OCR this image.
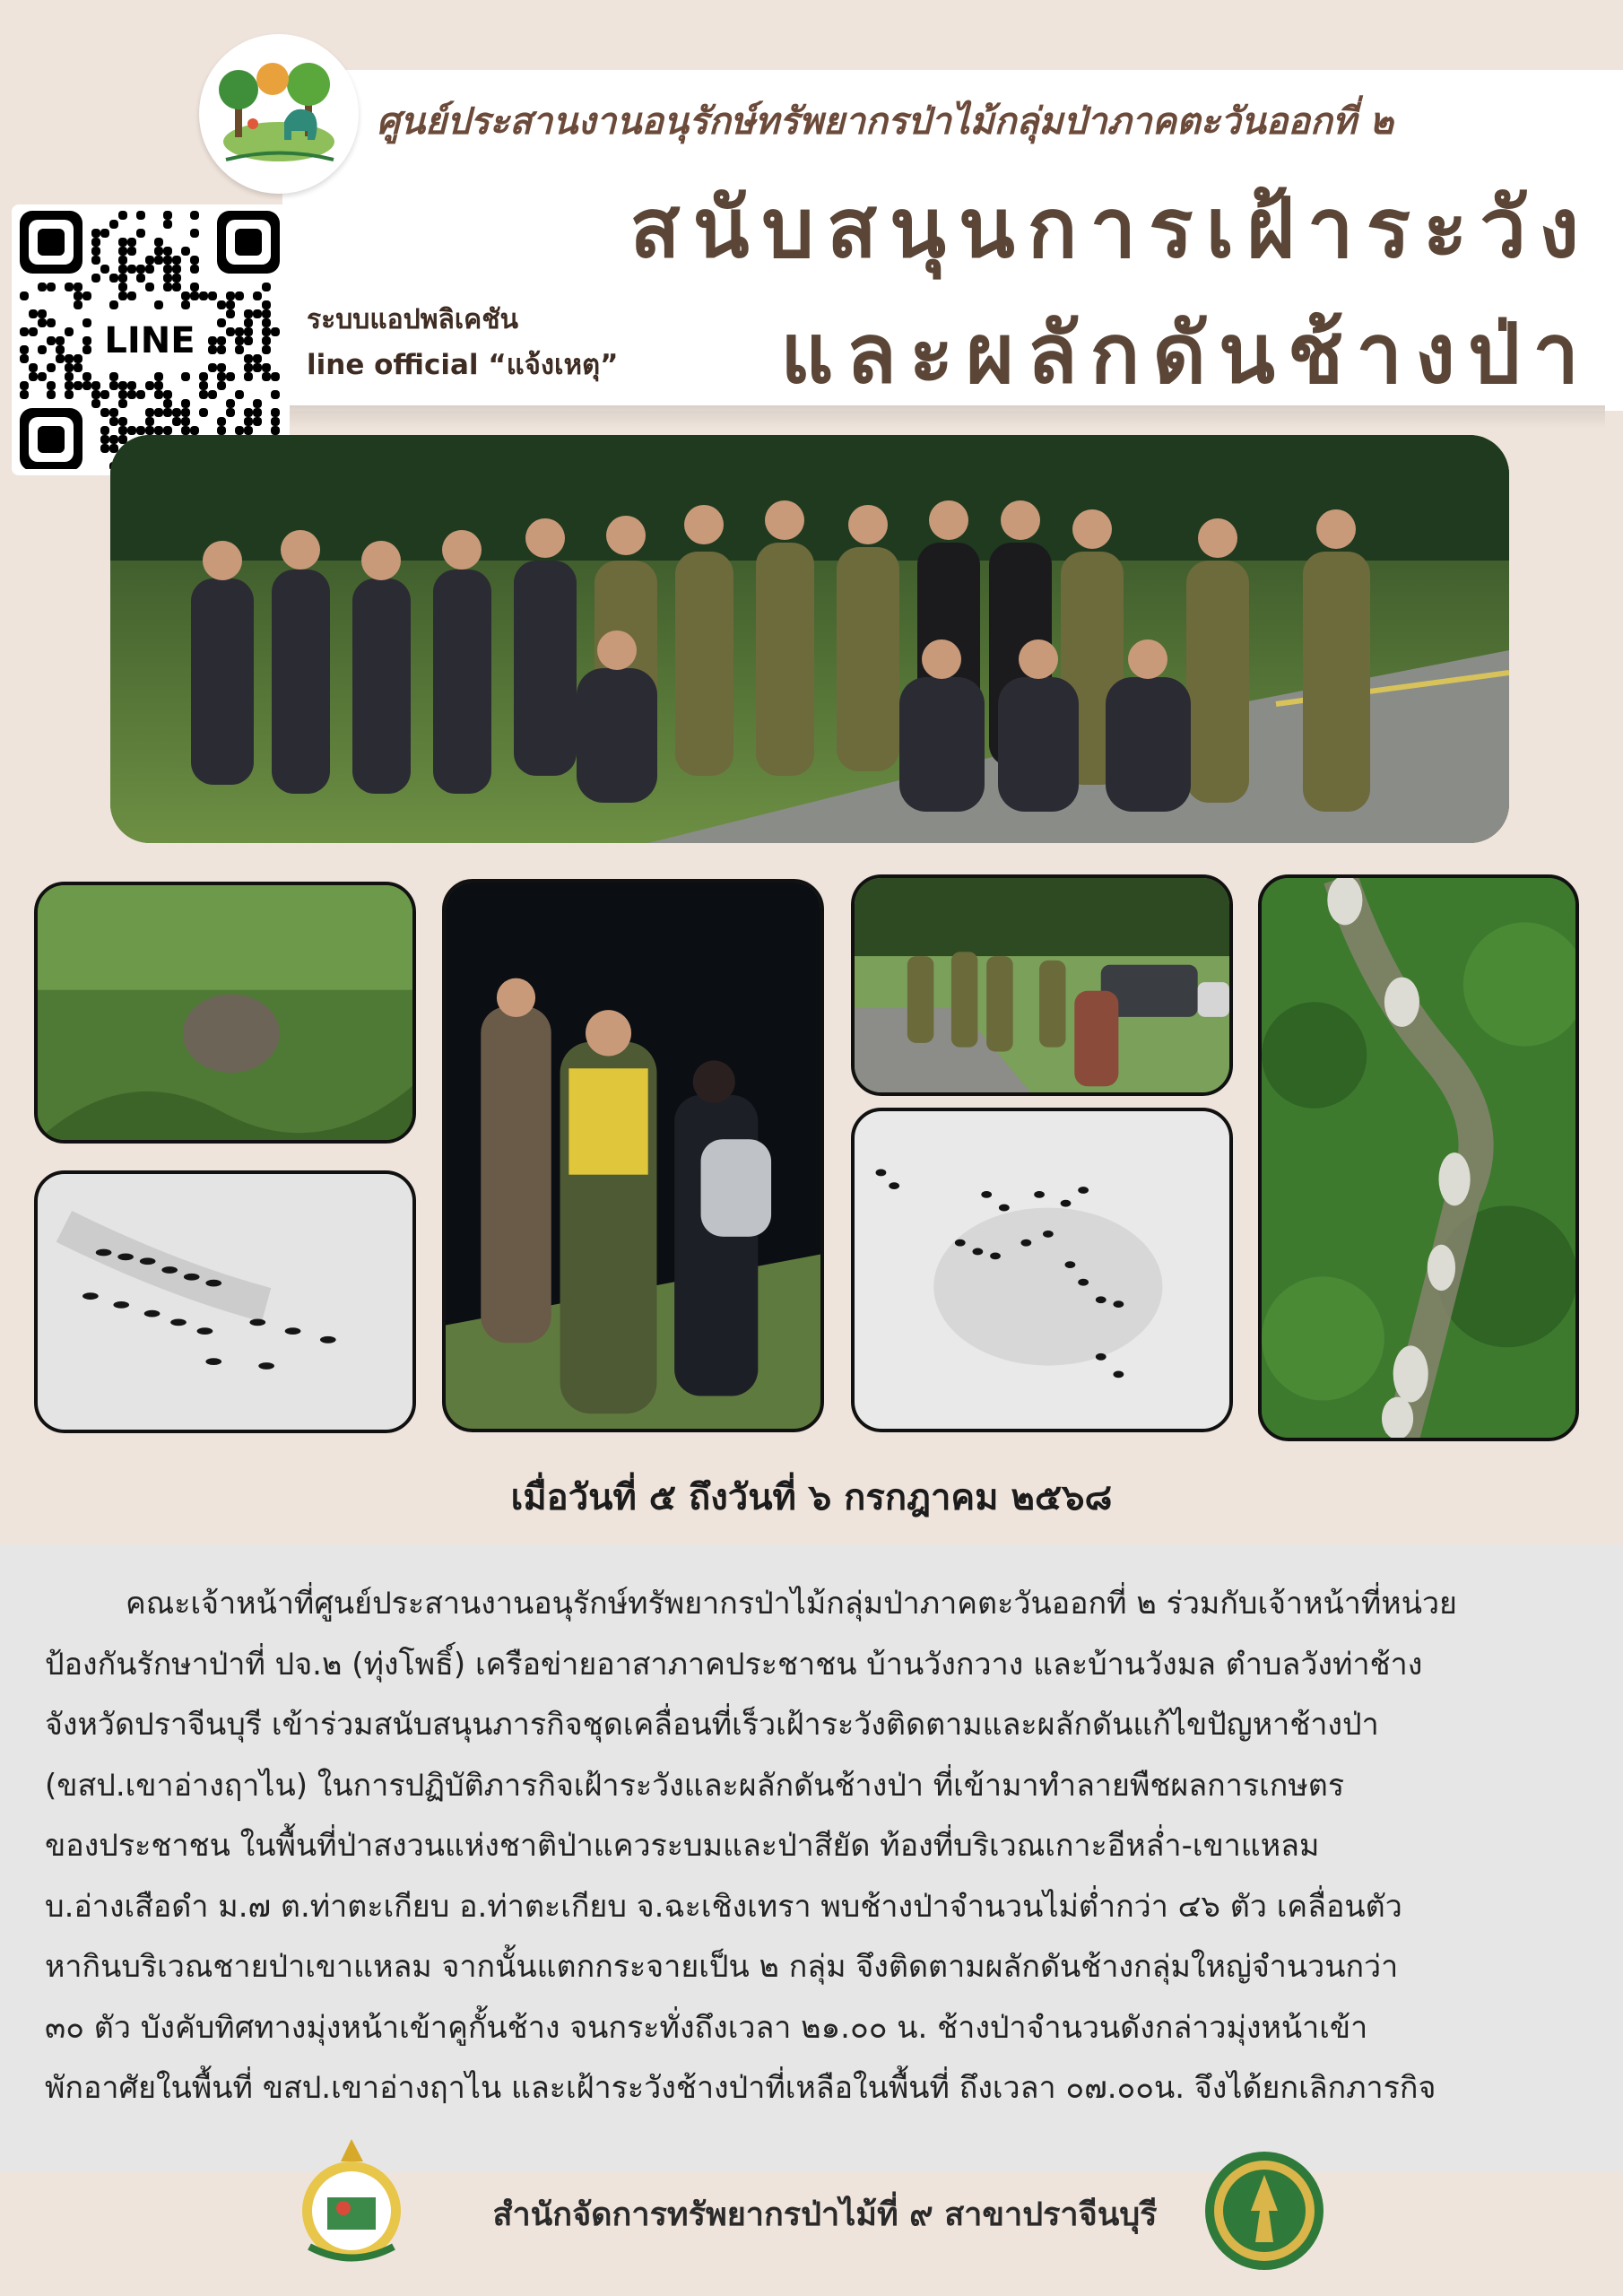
ศูนย์ประสานงานอนุรักษ์ทรัพยากรป่าไม้กลุ่มป่าภาคตะวันออกที่ ๒
สนับสนุนการเฝ้าระวัง
และผลักดันช้างป่า
ระบบแอปพลิเคชัน
line official “แจ้งเหตุ”
LINE
เมื่อวันที่ ๕ ถึงวันที่ ๖ กรกฎาคม ๒๕๖๘
คณะเจ้าหน้าที่ศูนย์ประสานงานอนุรักษ์ทรัพยากรป่าไม้กลุ่มป่าภาคตะวันออกที่ ๒ ร่วมกับเจ้าหน้าที่หน่วย
ป้องกันรักษาป่าที่ ปจ.๒ (ทุ่งโพธิ์) เครือข่ายอาสาภาคประชาชน บ้านวังกวาง และบ้านวังมล ตำบลวังท่าช้าง
จังหวัดปราจีนบุรี เข้าร่วมสนับสนุนภารกิจชุดเคลื่อนที่เร็วเฝ้าระวังติดตามและผลักดันแก้ไขปัญหาช้างป่า
(ขสป.เขาอ่างฤาไน) ในการปฏิบัติภารกิจเฝ้าระวังและผลักดันช้างป่า ที่เข้ามาทำลายพืชผลการเกษตร
ของประชาชน ในพื้นที่ป่าสงวนแห่งชาติป่าแควระบมและป่าสียัด ท้องที่บริเวณเกาะอีหล่ำ-เขาแหลม
บ.อ่างเสือดำ ม.๗ ต.ท่าตะเกียบ อ.ท่าตะเกียบ จ.ฉะเชิงเทรา พบช้างป่าจำนวนไม่ต่ำกว่า ๔๖ ตัว เคลื่อนตัว
หากินบริเวณชายป่าเขาแหลม จากนั้นแตกกระจายเป็น ๒ กลุ่ม จึงติดตามผลักดันช้างกลุ่มใหญ่จำนวนกว่า
๓๐ ตัว บังคับทิศทางมุ่งหน้าเข้าคูกั้นช้าง จนกระทั่งถึงเวลา ๒๑.๐๐ น. ช้างป่าจำนวนดังกล่าวมุ่งหน้าเข้า
พักอาศัยในพื้นที่ ขสป.เขาอ่างฤาไน และเฝ้าระวังช้างป่าที่เหลือในพื้นที่ ถึงเวลา ๐๗.๐๐น. จึงได้ยกเลิกภารกิจ
สำนักจัดการทรัพยากรป่าไม้ที่ ๙ สาขาปราจีนบุรี
